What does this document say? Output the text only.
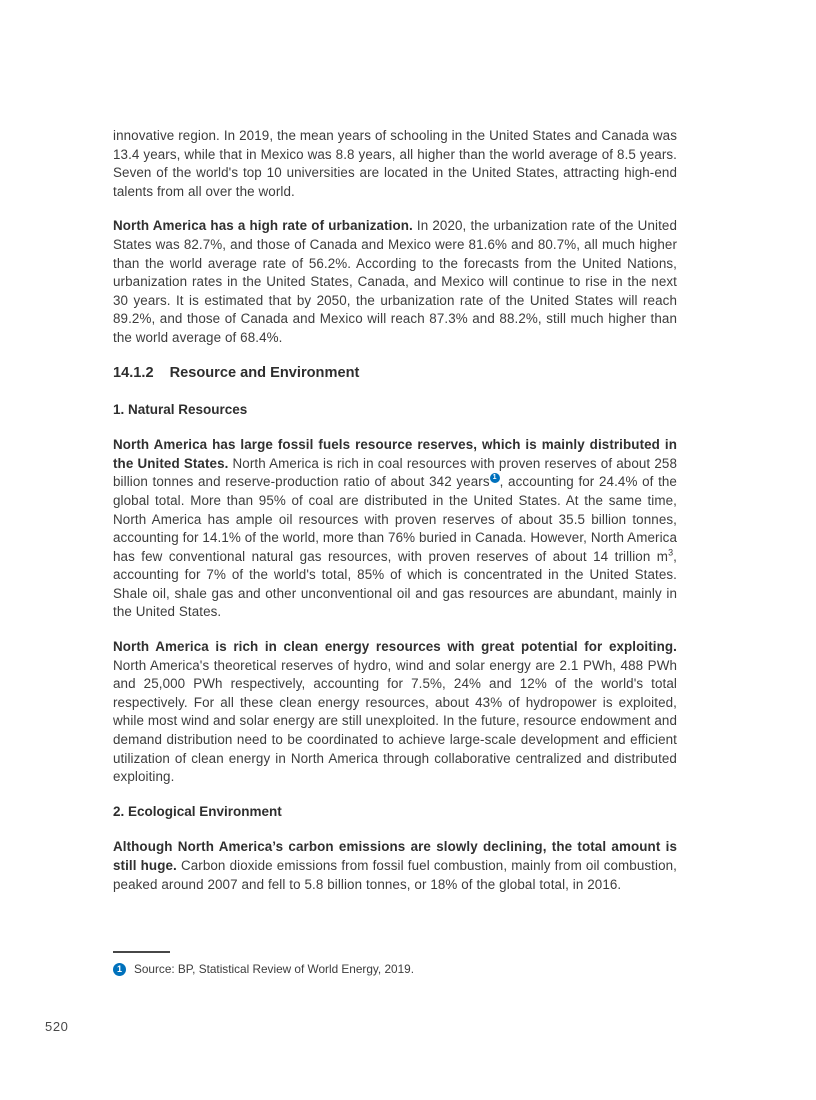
innovative region. In 2019, the mean years of schooling in the United States and Canada was 13.4 years, while that in Mexico was 8.8 years, all higher than the world average of 8.5 years. Seven of the world's top 10 universities are located in the United States, attracting high-end talents from all over the world.

North America has a high rate of urbanization. In 2020, the urbanization rate of the United States was 82.7%, and those of Canada and Mexico were 81.6% and 80.7%, all much higher than the world average rate of 56.2%. According to the forecasts from the United Nations, urbanization rates in the United States, Canada, and Mexico will continue to rise in the next 30 years. It is estimated that by 2050, the urbanization rate of the United States will reach 89.2%, and those of Canada and Mexico will reach 87.3% and 88.2%, still much higher than the world average of 68.4%.

14.1.2 Resource and Environment
1. Natural Resources

North America has large fossil fuels resource reserves, which is mainly distributed in the United States. North America is rich in coal resources with proven reserves of about 258 billion tonnes and reserve-production ratio of about 342 years 1 , accounting for 24.4% of the global total. More than 95% of coal are distributed in the United States. At the same time, North America has ample oil resources with proven reserves of about 35.5 billion tonnes, accounting for 14.1% of the world, more than 76% buried in Canada. However, North America has few conventional natural gas resources, with proven reserves of about 14 trillion $m^3$, accounting for 7% of the world's total, 85% of which is concentrated in the United States. Shale oil, shale gas and other unconventional oil and gas resources are abundant, mainly in the United States.

North America is rich in clean energy resources with great potential for exploiting. North America's theoretical reserves of hydro, wind and solar energy are 2.1 PWh, 488 PWh and 25,000 PWh respectively, accounting for 7.5%, 24% and 12% of the world's total respectively. For all these clean energy resources, about 43% of hydropower is exploited, while most wind and solar energy are still unexploited. In the future, resource endowment and demand distribution need to be coordinated to achieve large-scale development and efficient utilization of clean energy in North America through collaborative centralized and distributed exploiting.

2. Ecological Environment

Although North America’s carbon emissions are slowly declining, the total amount is still huge. Carbon dioxide emissions from fossil fuel combustion, mainly from oil combustion, peaked around 2007 and fell to 5.8 billion tonnes, or 18% of the global total, in 2016.

1	Source: BP, Statistical Review of World Energy, 2019.
520
